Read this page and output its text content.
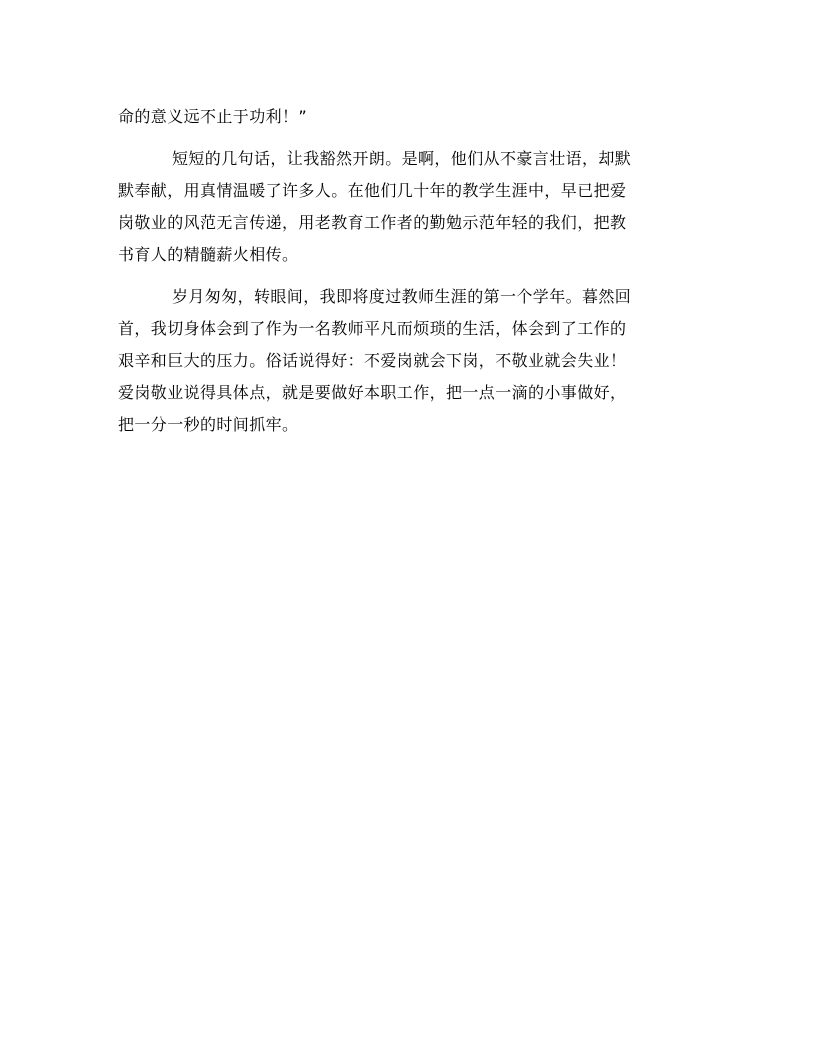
命的意义远不止于功利！”
短短的几句话，让我豁然开朗。是啊，他们从不豪言壮语，却默
默奉献，用真情温暖了许多人。在他们几十年的教学生涯中，早已把爱
岗敬业的风范无言传递，用老教育工作者的勤勉示范年轻的我们，把教
书育人的精髓薪火相传。
岁月匆匆，转眼间，我即将度过教师生涯的第一个学年。暮然回
首，我切身体会到了作为一名教师平凡而烦琐的生活，体会到了工作的
艰辛和巨大的压力。俗话说得好：不爱岗就会下岗，不敬业就会失业！
爱岗敬业说得具体点，就是要做好本职工作，把一点一滴的小事做好，
把一分一秒的时间抓牢。
